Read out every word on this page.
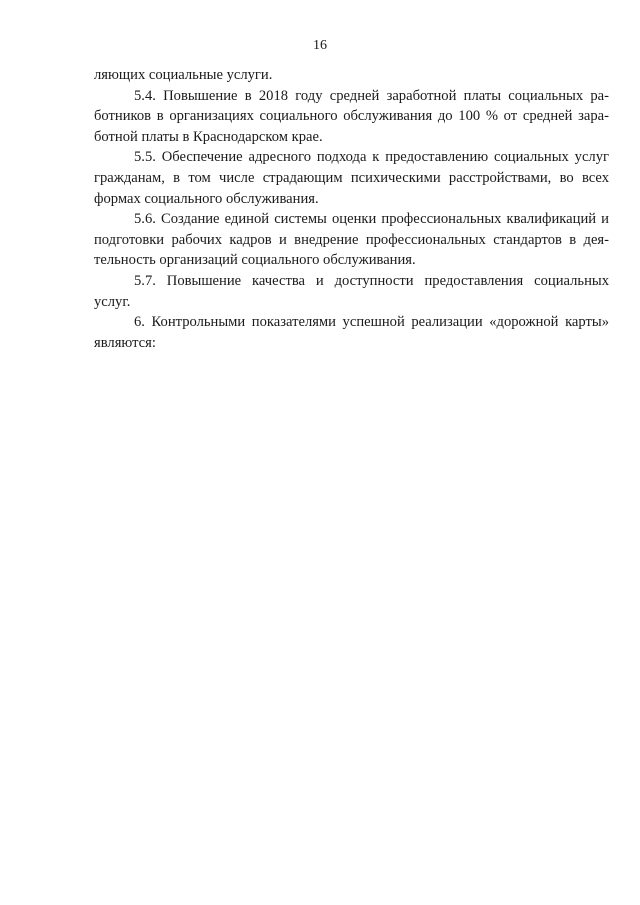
16

ляющих социальные услуги.

5.4. Повышение в 2018 году средней заработной платы социальных ра-
ботников в организациях социального обслуживания до 100 % от средней зара-
ботной платы в Краснодарском крае.

5.5. Обеспечение адресного подхода к предоставлению социальных услуг
гражданам, в том числе страдающим психическими расстройствами, во всех
формах социального обслуживания.

5.6. Создание единой системы оценки профессиональных квалификаций и
подготовки рабочих кадров и внедрение профессиональных стандартов в дея-
тельность организаций социального обслуживания.

5.7. Повышение качества и доступности предоставления социальных
услуг.

6. Контрольными показателями успешной реализации «дорожной карты»
являются:
